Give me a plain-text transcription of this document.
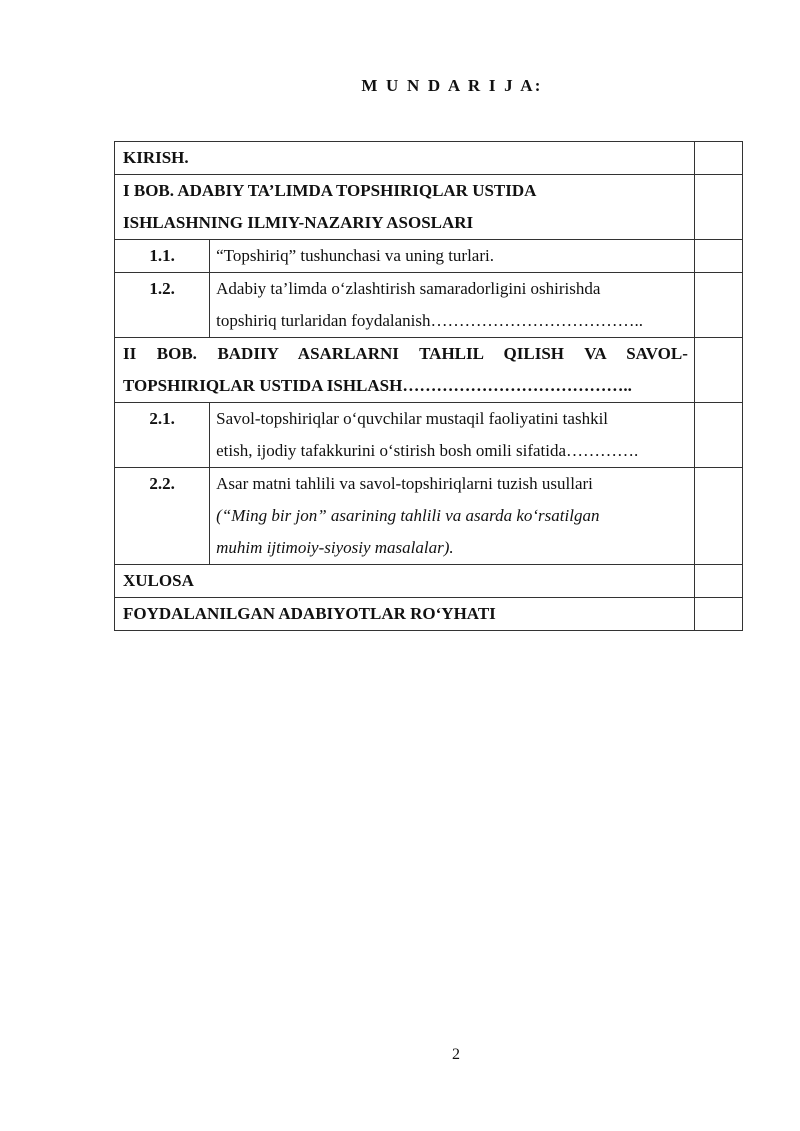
M U N D A R I J A:
KIRISH.		

I BOB. ADABIY TA’LIMDA TOPSHIRIQLAR USTIDA
ISHLASHNING ILMIY-NAZARIY ASOSLARI		

1.1.	“Topshiriq” tushunchasi va uning turlari.	
1.2.	Adabiy ta’limda o‘zlashtirish samaradorligini oshirishda
topshiriq turlaridan foydalanish………………………………..	

II BOB. BADIIY ASARLARNI TAHLIL QILISH VA SAVOL-
TOPSHIRIQLAR USTIDA ISHLASH…………………………………..		

2.1.	Savol-topshiriqlar o‘quvchilar mustaqil faoliyatini tashkil
etish, ijodiy tafakkurini o‘stirish bosh omili sifatida………….	

2.2.	Asar matni tahlili va savol-topshiriqlarni tuzish usullari
(“Ming bir jon” asarining tahlili va asarda ko‘rsatilgan
muhim ijtimoiy-siyosiy masalalar).	

XULOSA		
FOYDALANILGAN ADABIYOTLAR RO‘YHATI		
2
